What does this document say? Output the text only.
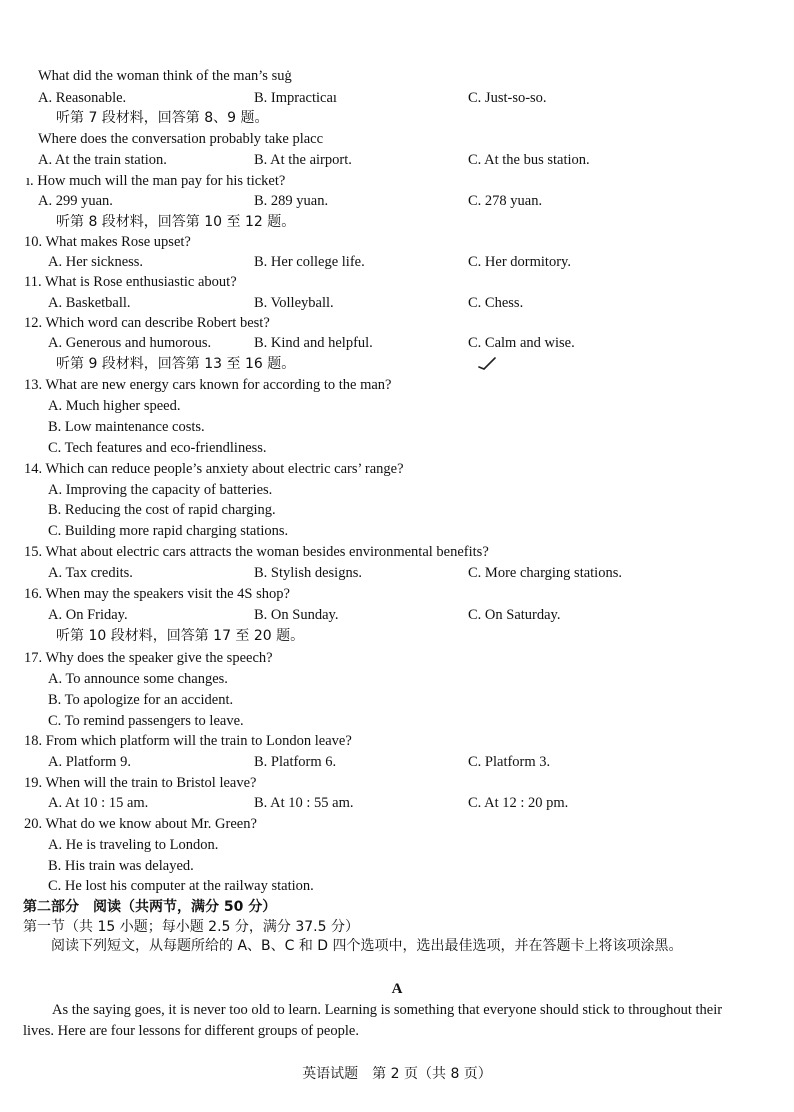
What did the woman think of the man’s suġ
A. Reasonable.	B. Impracticaı	C. Just-so-so.
听第 7 段材料，回答第 8、9 题。
Where does the conversation probably take placс
A. At the train station.	B. At the airport.	C. At the bus station.
ı. How much will the man pay for his ticket?
A. 299 yuan.	B. 289 yuan.	C. 278 yuan.
听第 8 段材料，回答第 10 至 12 题。
10. What makes Rose upset?
A. Her sickness.	B. Her college life.	C. Her dormitory.
11. What is Rose enthusiastic about?
A. Basketball.	B. Volleyball.	C. Chess.
12. Which word can describe Robert best?
A. Generous and humorous.	B. Kind and helpful.	C. Calm and wise.
听第 9 段材料，回答第 13 至 16 题。
13. What are new energy cars known for according to the man?
A. Much higher speed.
B. Low maintenance costs.
C. Tech features and eco-friendliness.
14. Which can reduce people’s anxiety about electric cars’ range?
A. Improving the capacity of batteries.
B. Reducing the cost of rapid charging.
C. Building more rapid charging stations.
15. What about electric cars attracts the woman besides environmental benefits?
A. Tax credits.	B. Stylish designs.	C. More charging stations.
16. When may the speakers visit the 4S shop?
A. On Friday.	B. On Sunday.	C. On Saturday.
听第 10 段材料，回答第 17 至 20 题。
17. Why does the speaker give the speech?
A. To announce some changes.
B. To apologize for an accident.
C. To remind passengers to leave.
18. From which platform will the train to London leave?
A. Platform 9.	B. Platform 6.	C. Platform 3.
19. When will the train to Bristol leave?
A. At 10 : 15 am.	B. At 10 : 55 am.	C. At 12 : 20 pm.
20. What do we know about Mr. Green?
A. He is traveling to London.
B. His train was delayed.
C. He lost his computer at the railway station.
第二部分　阅读（共两节，满分 50 分）
第一节（共 15 小题；每小题 2.5 分，满分 37.5 分）
阅读下列短文，从每题所给的 A、B、C 和 D 四个选项中，选出最佳选项，并在答题卡上将该项涂黑。
A
As the saying goes, it is never too old to learn. Learning is something that everyone should stick to throughout their lives. Here are four lessons for different groups of people.
英语试题　第 2 页（共 8 页）
